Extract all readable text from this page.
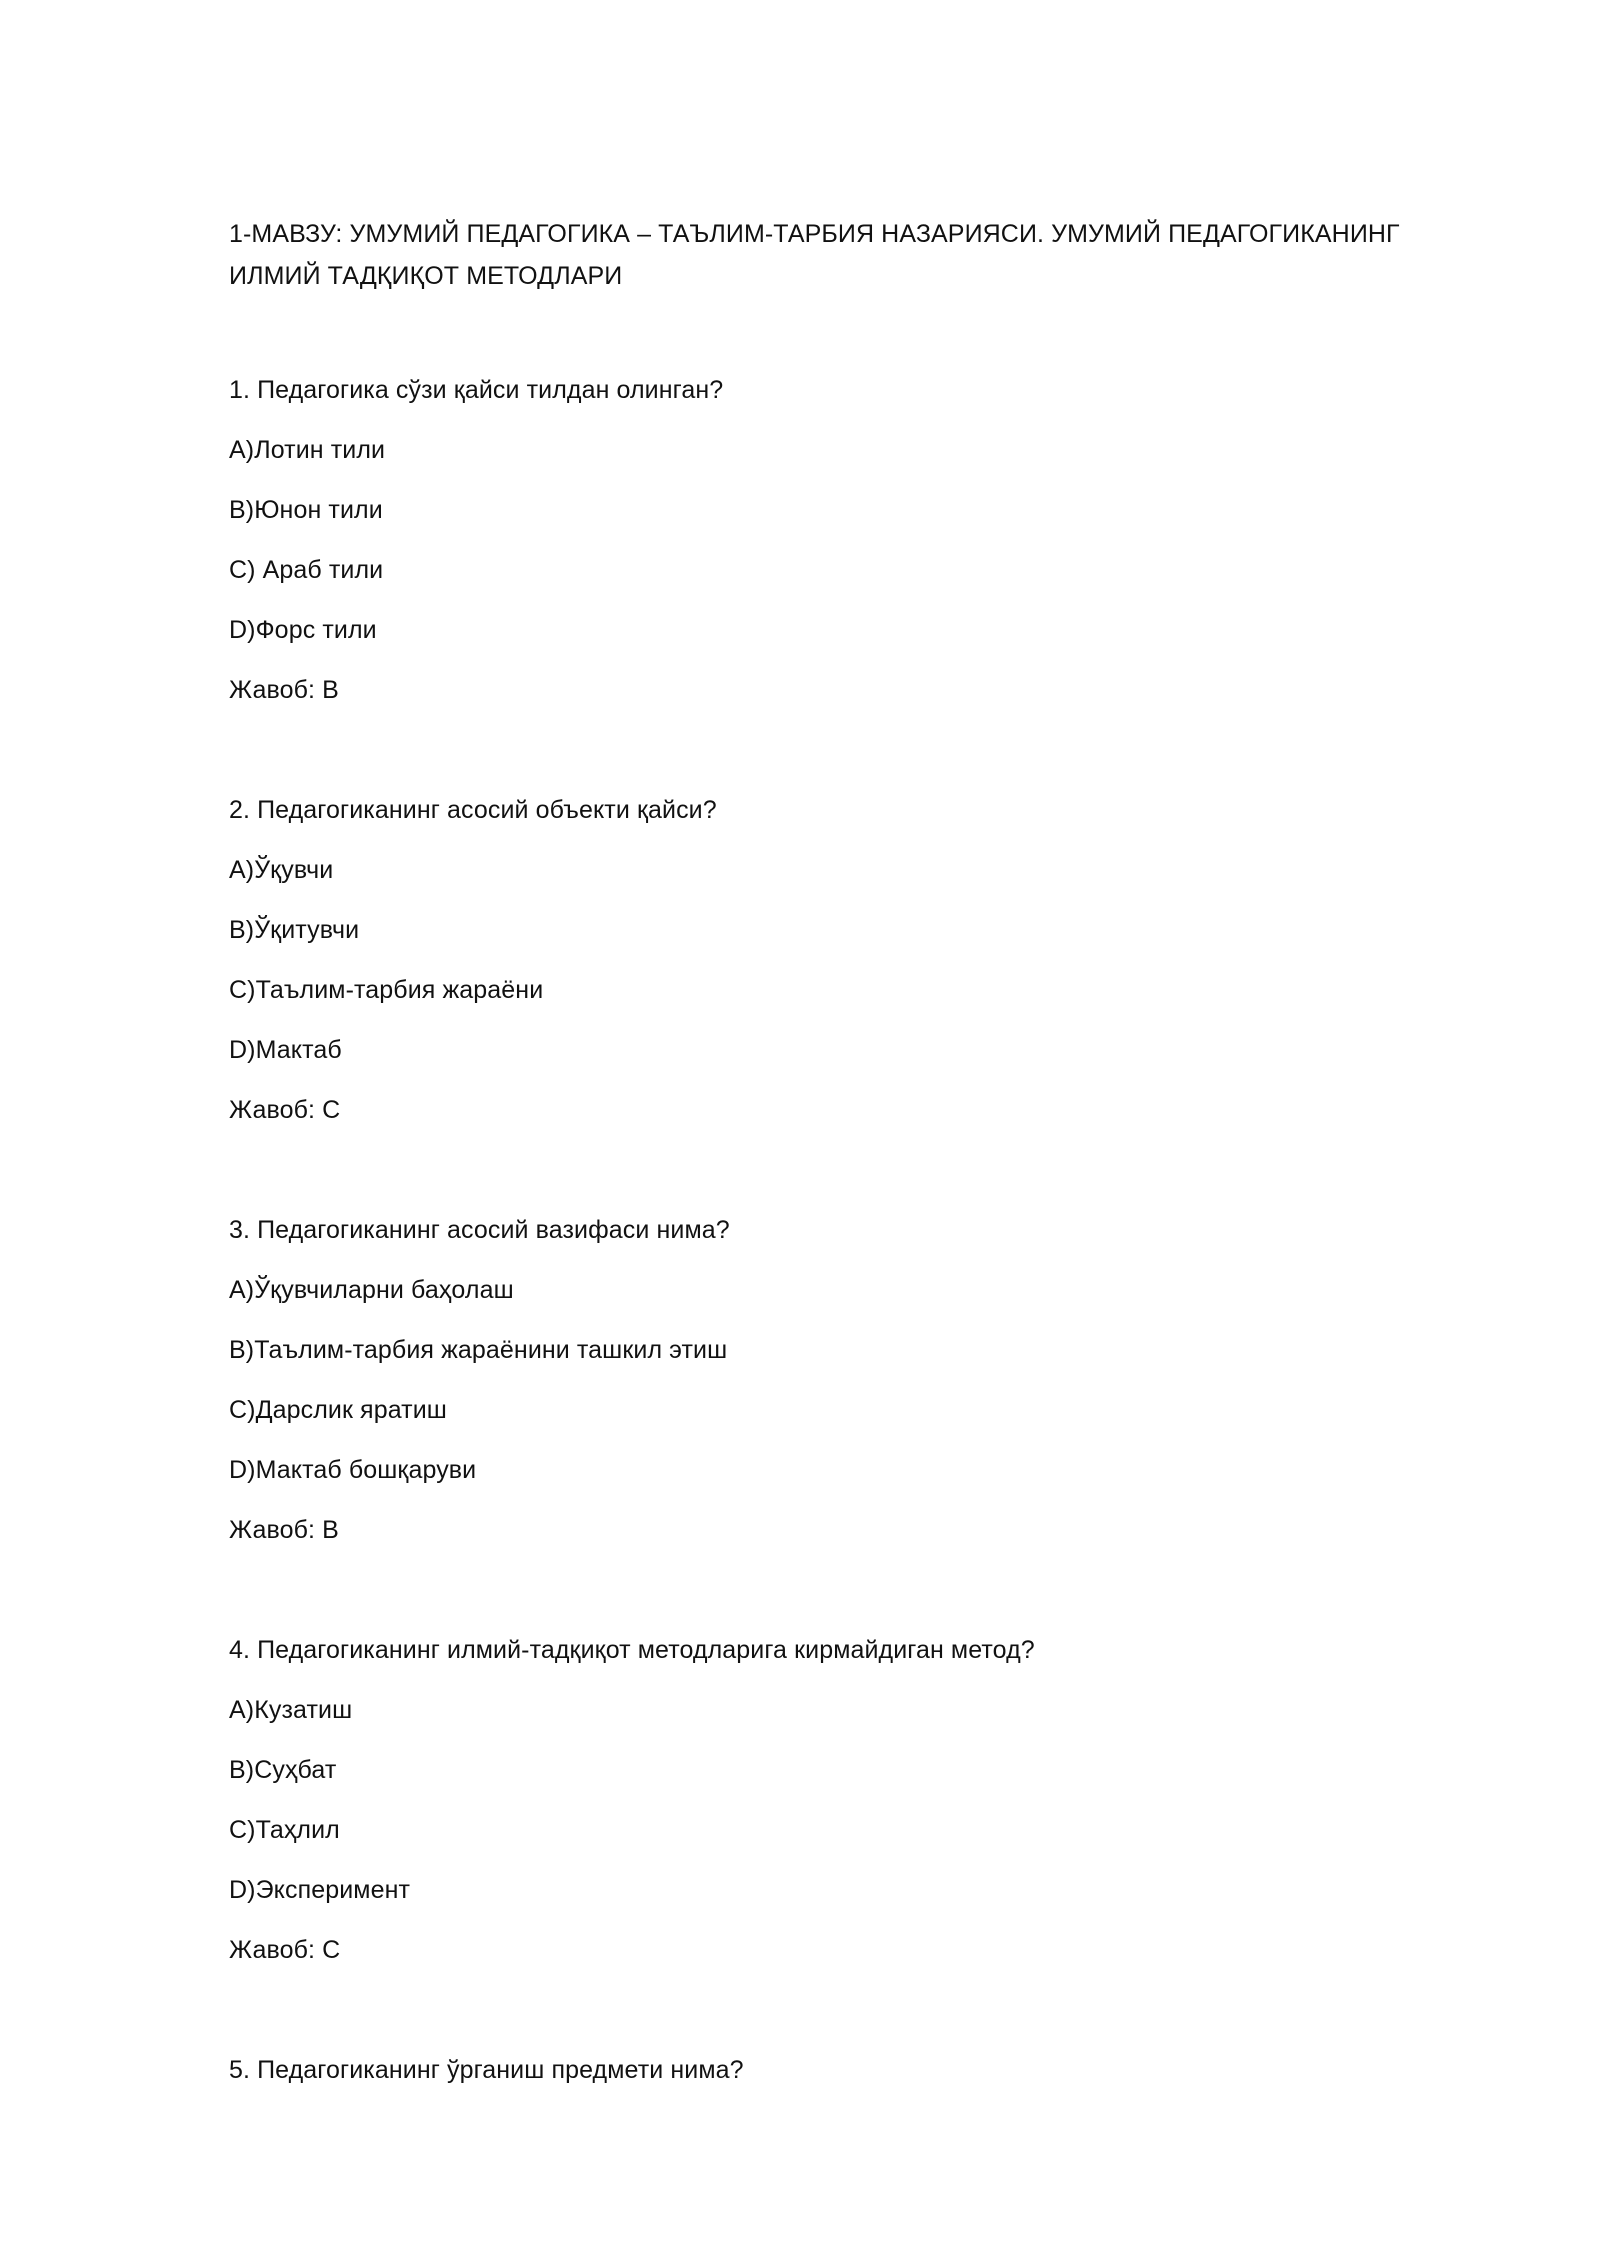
1-МАВЗУ: УМУМИЙ ПЕДАГОГИКА – ТАЪЛИМ-ТАРБИЯ НАЗАРИЯСИ. УМУМИЙ ПЕДАГОГИКАНИНГ
ИЛМИЙ ТАДҚИҚОТ МЕТОДЛАРИ
1. Педагогика сўзи қайси тилдан олинган?
A)Лотин тили
B)Юнон тили
C) Араб тили
D)Форс тили
Жавоб: B
2. Педагогиканинг асосий объекти қайси?
A)Ўқувчи
B)Ўқитувчи
C)Таълим-тарбия жараёни
D)Мактаб
Жавоб: C
3. Педагогиканинг асосий вазифаси нима?
A)Ўқувчиларни баҳолаш
B)Таълим-тарбия жараёнини ташкил этиш
C)Дарслик яратиш
D)Мактаб бошқаруви
Жавоб: B
4. Педагогиканинг илмий-тадқиқот методларига кирмайдиган метод?
A)Кузатиш
B)Суҳбат
C)Таҳлил
D)Эксперимент
Жавоб: C
5. Педагогиканинг ўрганиш предмети нима?
